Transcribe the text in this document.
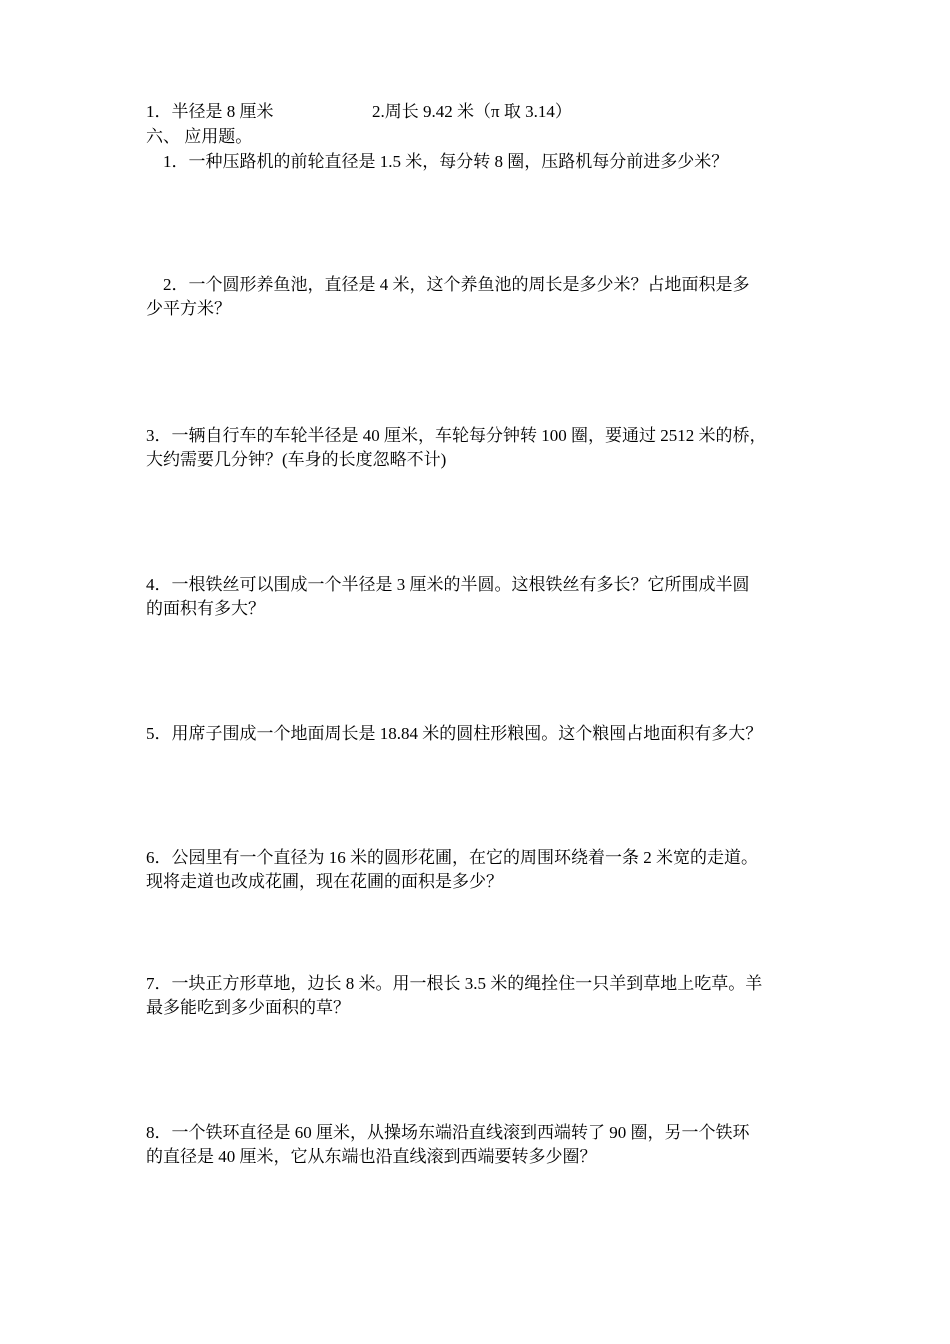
1．半径是 8 厘米	2.周长 9.42 米（π 取 3.14）
六、 应用题。
1．一种压路机的前轮直径是 1.5 米，每分转 8 圈，压路机每分前进多少米？
2．一个圆形养鱼池，直径是 4 米，这个养鱼池的周长是多少米？占地面积是多
少平方米？
3．一辆自行车的车轮半径是 40 厘米，车轮每分钟转 100 圈，要通过 2512 米的桥，
大约需要几分钟？(车身的长度忽略不计)
4．一根铁丝可以围成一个半径是 3 厘米的半圆。这根铁丝有多长？它所围成半圆
的面积有多大？
5．用席子围成一个地面周长是 18.84 米的圆柱形粮囤。这个粮囤占地面积有多大？
6．公园里有一个直径为 16 米的圆形花圃，在它的周围环绕着一条 2 米宽的走道。
现将走道也改成花圃，现在花圃的面积是多少？
7．一块正方形草地，边长 8 米。用一根长 3.5 米的绳拴住一只羊到草地上吃草。羊
最多能吃到多少面积的草？
8．一个铁环直径是 60 厘米，从操场东端沿直线滚到西端转了 90 圈，另一个铁环
的直径是 40 厘米，它从东端也沿直线滚到西端要转多少圈？
